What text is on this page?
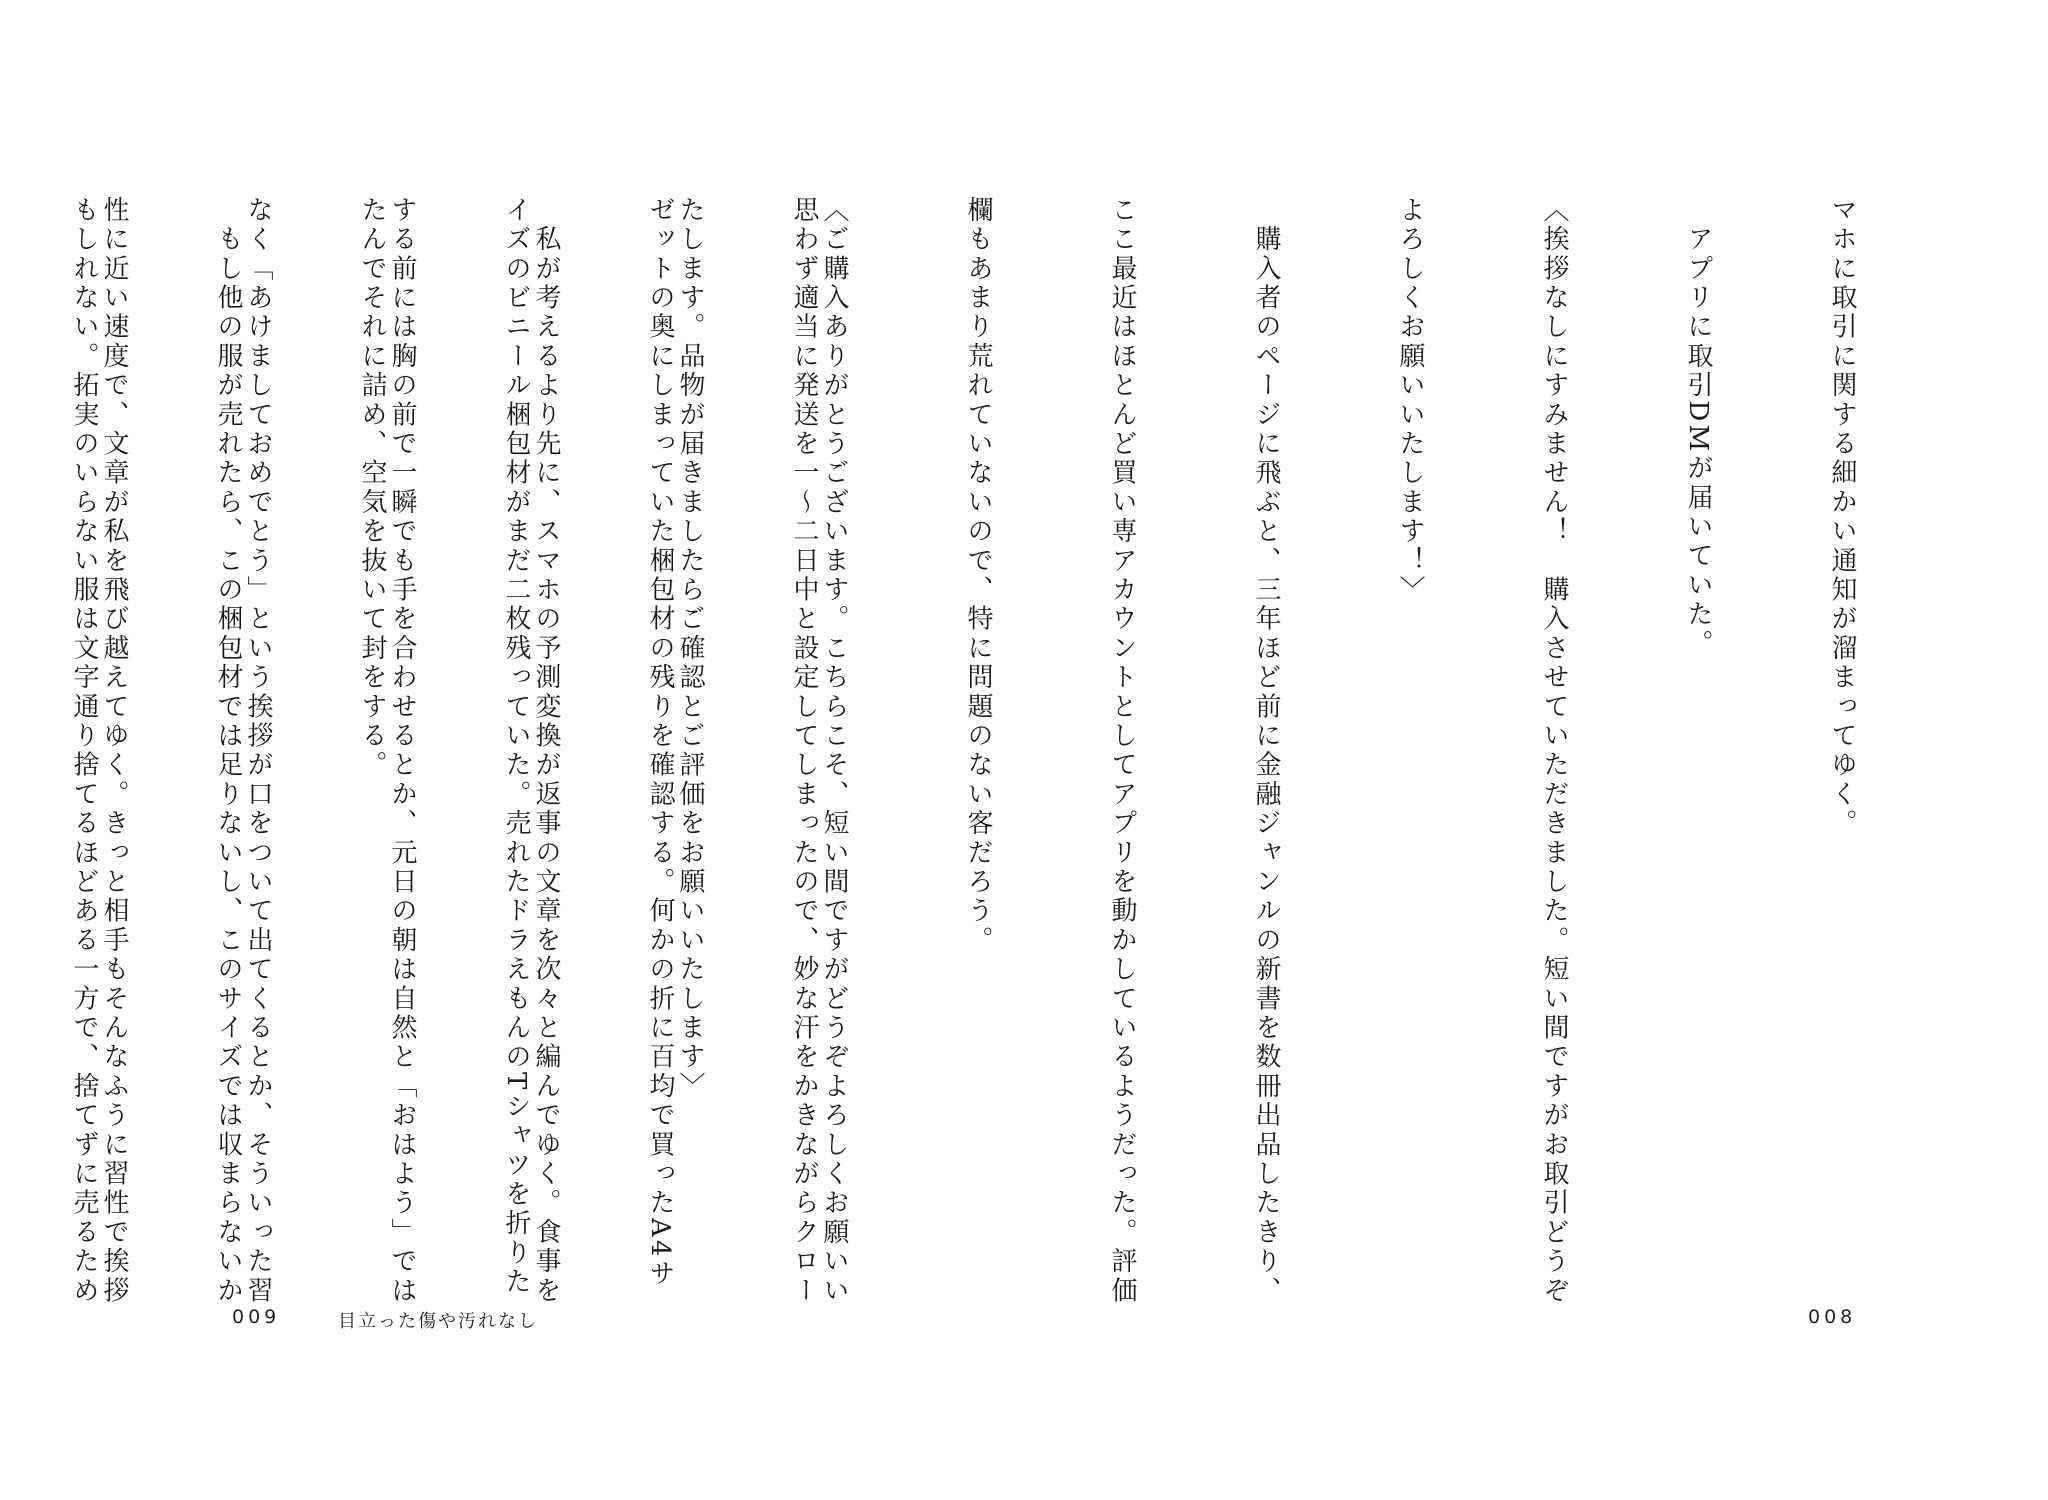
思わず適当に発送を一〜二日中と設定してしまったので、妙な汗をかきながらクロー

ゼットの奥にしまっていた梱包材の残りを確認する。何かの折に百均で買ったA4サ

イズのビニール梱包材がまだ二枚残っていた。売れたドラえもんのTシャツを折りた

たんでそれに詰め、空気を抜いて封をする。

　もし他の服が売れたら、この梱包材では足りないし、このサイズでは収まらないか

もしれない。拓実のいらない服は文字通り捨てるほどある一方で、捨てずに売るため

009	目立った傷や汚れなし

マホに取引に関する細かい通知が溜まってゆく。

　アプリに取引DMが届いていた。

〈挨拶なしにすみません！　購入させていただきました。短い間ですがお取引どうぞ

よろしくお願いいたします！〉

　購入者のページに飛ぶと、三年ほど前に金融ジャンルの新書を数冊出品したきり、

ここ最近はほとんど買い専アカウントとしてアプリを動かしているようだった。評価

欄もあまり荒れていないので、特に問題のない客だろう。

〈ご購入ありがとうございます。こちらこそ、短い間ですがどうぞよろしくお願いい

たします。品物が届きましたらご確認とご評価をお願いいたします〉

　私が考えるより先に、スマホの予測変換が返事の文章を次々と編んでゆく。食事を

する前には胸の前で一瞬でも手を合わせるとか、元日の朝は自然と「おはよう」では

なく「あけましておめでとう」という挨拶が口をついて出てくるとか、そういった習

性に近い速度で、文章が私を飛び越えてゆく。きっと相手もそんなふうに習性で挨拶

008
